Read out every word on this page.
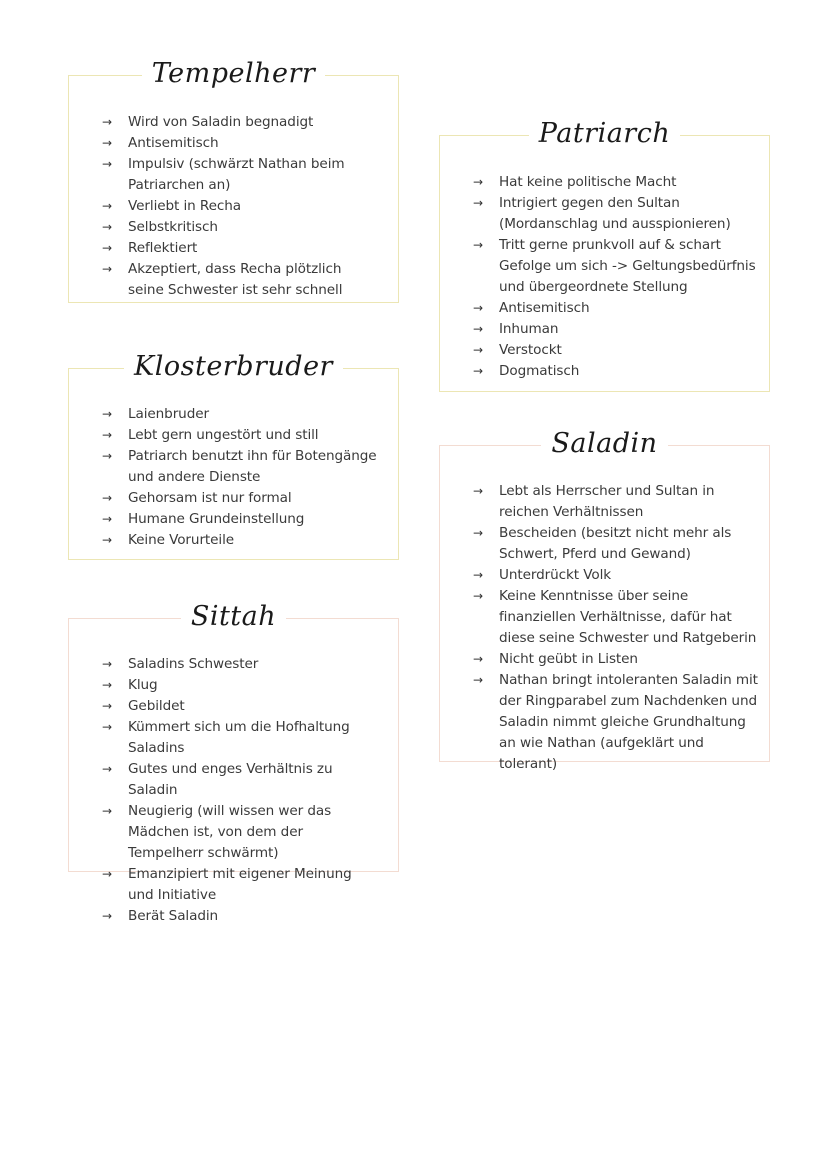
Tempelherr
→ Wird von Saladin begnadigt
→ Antisemitisch
→ Impulsiv (schwärzt Nathan beim Patriarchen an)
→ Verliebt in Recha
→ Selbstkritisch
→ Reflektiert
→ Akzeptiert, dass Recha plötzlich seine Schwester ist sehr schnell
Klosterbruder
→ Laienbruder
→ Lebt gern ungestört und still
→ Patriarch benutzt ihn für Botengänge und andere Dienste
→ Gehorsam ist nur formal
→ Humane Grundeinstellung
→ Keine Vorurteile
Sittah
→ Saladins Schwester
→ Klug
→ Gebildet
→ Kümmert sich um die Hofhaltung Saladins
→ Gutes und enges Verhältnis zu Saladin
→ Neugierig (will wissen wer das Mädchen ist, von dem der Tempelherr schwärmt)
→ Emanzipiert mit eigener Meinung und Initiative
→ Berät Saladin
Patriarch
→ Hat keine politische Macht
→ Intrigiert gegen den Sultan (Mordanschlag und ausspionieren)
→ Tritt gerne prunkvoll auf & schart Gefolge um sich -> Geltungsbedürfnis und übergeordnete Stellung
→ Antisemitisch
→ Inhuman
→ Verstockt
→ Dogmatisch
Saladin
→ Lebt als Herrscher und Sultan in reichen Verhältnissen
→ Bescheiden (besitzt nicht mehr als Schwert, Pferd und Gewand)
→ Unterdrückt Volk
→ Keine Kenntnisse über seine finanziellen Verhältnisse, dafür hat diese seine Schwester und Ratgeberin
→ Nicht geübt in Listen
→ Nathan bringt intoleranten Saladin mit der Ringparabel zum Nachdenken und Saladin nimmt gleiche Grundhaltung an wie Nathan (aufgeklärt und tolerant)
